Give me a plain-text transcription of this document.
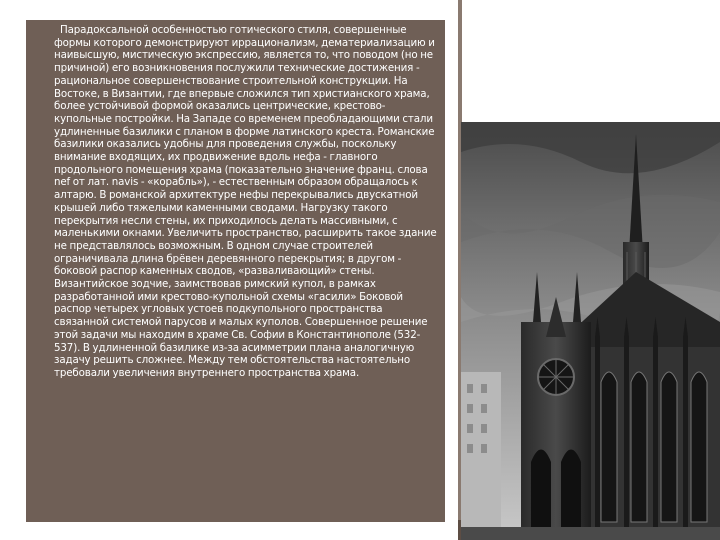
Парадоксальной особенностью готического стиля, совершенные формы которого демонстрируют иррационализм, дематериализацию и наивысшую, мистическую экспрессию, является то, что поводом (но не причиной) его возникновения послужили технические достижения - рациональное совершенствование строительной конструкции. На Востоке, в Византии, где впервые сложился тип христианского храма, более устойчивой формой оказались центрические, крестово-купольные постройки. На Западе со временем преобладающими стали удлиненные базилики с планом в форме латинского креста. Романские базилики оказались удобны для проведения службы, поскольку внимание входящих, их продвижение вдоль нефа - главного продольного помещения храма (показательно значение франц. слова nef от лат. navis - «корабль»), - естественным образом обращалось к алтарю. В романской архитектуре нефы перекрывались двускатной крышей либо тяжелыми каменными сводами. Нагрузку такого перекрытия несли стены, их приходилось делать массивными, с маленькими окнами. Увеличить пространство, расширить такое здание не представлялось возможным. В одном случае строителей ограничивала длина брёвен деревянного перекрытия; в другом - боковой распор каменных сводов, «разваливающий» стены. Византийское зодчие, заимствовав римский купол, в рамках разработанной ими крестово-купольной схемы «гасили» Боковой распор четырех угловых устоев подкупольного пространства связанной системой парусов и малых куполов. Совершенное решение этой задачи мы находим в храме Св. Софии в Константинополе (532-537). В удлиненной базилике из-за асимметрии плана аналогичную задачу решить сложнее. Между тем обстоятельства настоятельно требовали увеличения внутреннего пространства храма.
